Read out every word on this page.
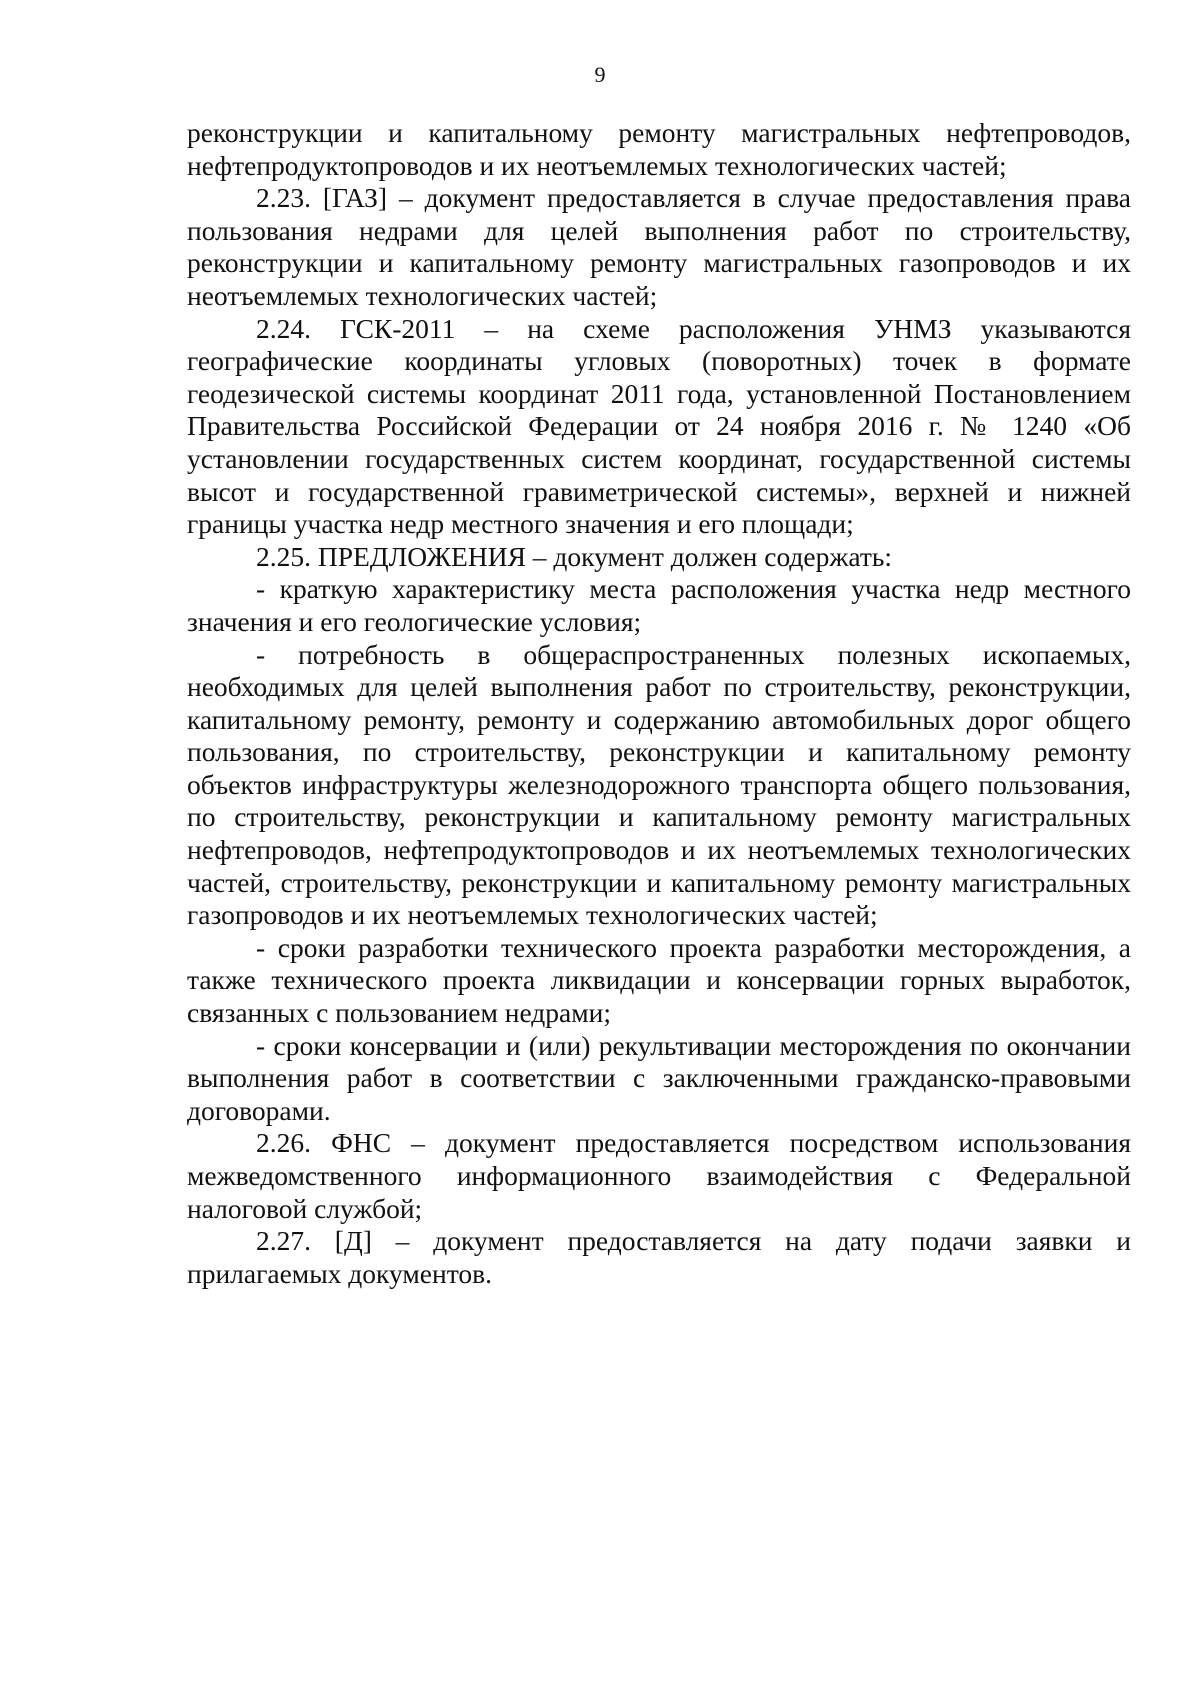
9

реконструкции и капитальному ремонту магистральных нефтепроводов, нефтепродуктопроводов и их неотъемлемых технологических частей;

2.23. [ГАЗ] – документ предоставляется в случае предоставления права пользования недрами для целей выполнения работ по строительству, реконструкции и капитальному ремонту магистральных газопроводов и их неотъемлемых технологических частей;

2.24. ГСК-2011 – на схеме расположения УНМЗ указываются географические координаты угловых (поворотных) точек в формате геодезической системы координат 2011 года, установленной Постановлением Правительства Российской Федерации от 24 ноября 2016 г. № 1240 «Об установлении государственных систем координат, государственной системы высот и государственной гравиметрической системы», верхней и нижней границы участка недр местного значения и его площади;

2.25. ПРЕДЛОЖЕНИЯ – документ должен содержать:

- краткую характеристику места расположения участка недр местного значения и его геологические условия;

- потребность в общераспространенных полезных ископаемых, необходимых для целей выполнения работ по строительству, реконструкции, капитальному ремонту, ремонту и содержанию автомобильных дорог общего пользования, по строительству, реконструкции и капитальному ремонту объектов инфраструктуры железнодорожного транспорта общего пользования, по строительству, реконструкции и капитальному ремонту магистральных нефтепроводов, нефтепродуктопроводов и их неотъемлемых технологических частей, строительству, реконструкции и капитальному ремонту магистральных газопроводов и их неотъемлемых технологических частей;

- сроки разработки технического проекта разработки месторождения, а также технического проекта ликвидации и консервации горных выработок, связанных с пользованием недрами;

- сроки консервации и (или) рекультивации месторождения по окончании выполнения работ в соответствии с заключенными гражданско-правовыми договорами.

2.26. ФНС – документ предоставляется посредством использования межведомственного информационного взаимодействия с Федеральной налоговой службой;

2.27. [Д] – документ предоставляется на дату подачи заявки и прилагаемых документов.
